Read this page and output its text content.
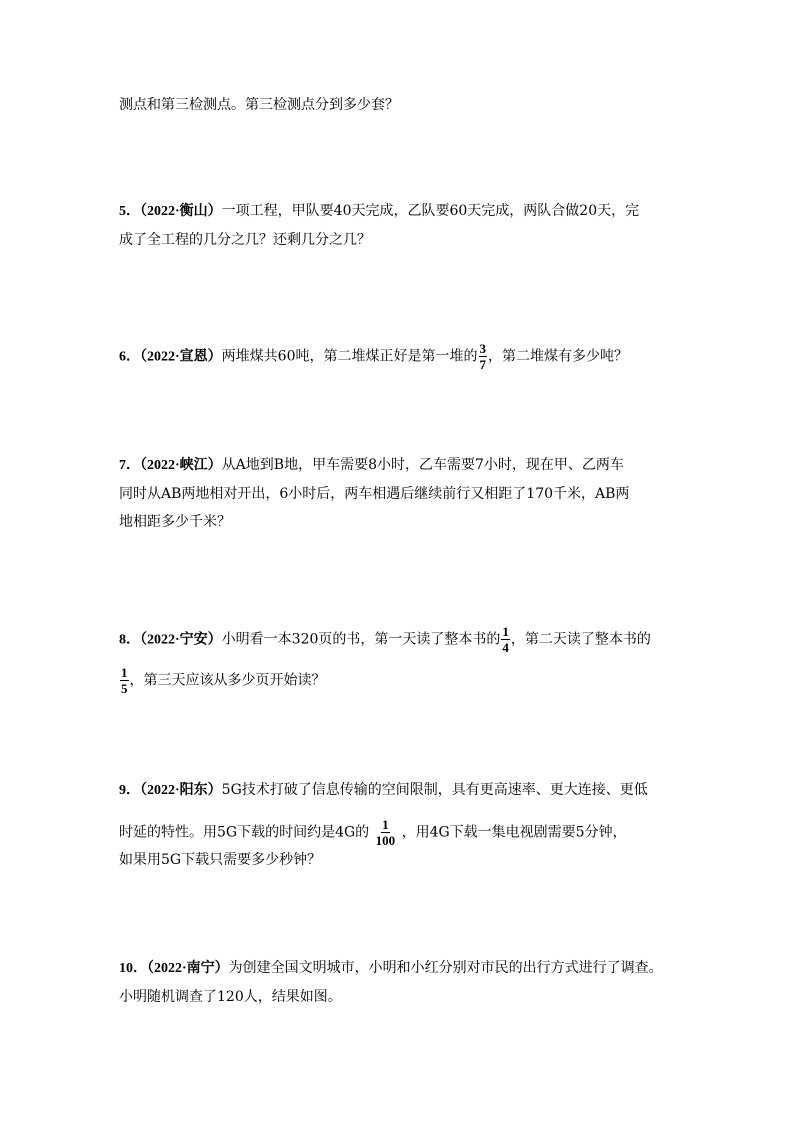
测点和第三检测点。第三检测点分到多少套？
5．（2022·衡山）一项工程，甲队要40天完成，乙队要60天完成，两队合做20天，完
成了全工程的几分之几？还剩几分之几？
6．（2022·宣恩）两堆煤共60吨，第二堆煤正好是第一堆的 $\frac{3}{7}$ ，第二堆煤有多少吨？
7．（2022·峡江）从A地到B地，甲车需要8小时，乙车需要7小时，现在甲、乙两车
同时从AB两地相对开出，6小时后，两车相遇后继续前行又相距了170千米，AB两
地相距多少千米？
8．（2022·宁安）小明看一本320页的书，第一天读了整本书的 $\frac{1}{4}$ ，第二天读了整本书的
$\frac{1}{5}$ ，第三天应该从多少页开始读？
9．（2022·阳东）5G技术打破了信息传输的空间限制，具有更高速率、更大连接、更低
时延的特性。用5G下载的时间约是4G的 $\frac{1}{100}$ ，用4G下载一集电视剧需要5分钟，
如果用5G下载只需要多少秒钟？
10．（2022·南宁）为创建全国文明城市，小明和小红分别对市民的出行方式进行了调查。
小明随机调查了120人，结果如图。
